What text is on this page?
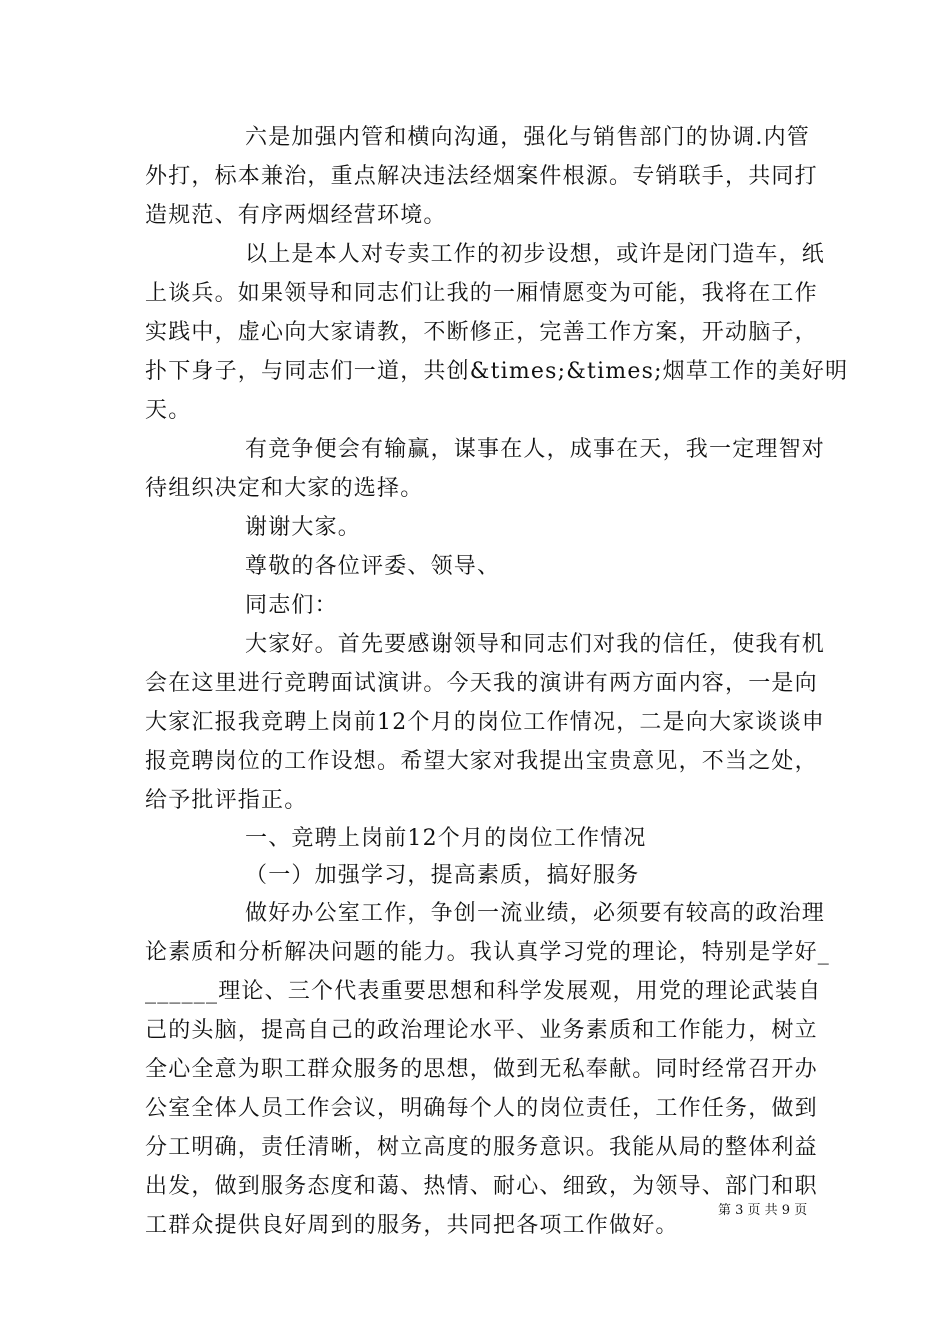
六是加强内管和横向沟通，强化与销售部门的协调.内管
外打，标本兼治，重点解决违法经烟案件根源。专销联手，共同打
造规范、有序两烟经营环境。
以上是本人对专卖工作的初步设想，或许是闭门造车，纸
上谈兵。如果领导和同志们让我的一厢情愿变为可能，我将在工作
实践中，虚心向大家请教，不断修正，完善工作方案，开动脑子，
扑下身子，与同志们一道，共创&times;&times;烟草工作的美好明
天。
有竞争便会有输赢，谋事在人，成事在天，我一定理智对
待组织决定和大家的选择。
谢谢大家。
尊敬的各位评委、领导、
同志们：
大家好。首先要感谢领导和同志们对我的信任，使我有机
会在这里进行竞聘面试演讲。今天我的演讲有两方面内容，一是向
大家汇报我竞聘上岗前12个月的岗位工作情况，二是向大家谈谈申
报竞聘岗位的工作设想。希望大家对我提出宝贵意见，不当之处，
给予批评指正。
一、竞聘上岗前12个月的岗位工作情况
（一）加强学习，提高素质，搞好服务
做好办公室工作，争创一流业绩，必须要有较高的政治理
论素质和分析解决问题的能力。我认真学习党的理论，特别是学好_
______理论、三个代表重要思想和科学发展观，用党的理论武装自
己的头脑，提高自己的政治理论水平、业务素质和工作能力，树立
全心全意为职工群众服务的思想，做到无私奉献。同时经常召开办
公室全体人员工作会议，明确每个人的岗位责任，工作任务，做到
分工明确，责任清晰，树立高度的服务意识。我能从局的整体利益
出发，做到服务态度和蔼、热情、耐心、细致，为领导、部门和职
工群众提供良好周到的服务，共同把各项工作做好。
第 3 页 共 9 页
